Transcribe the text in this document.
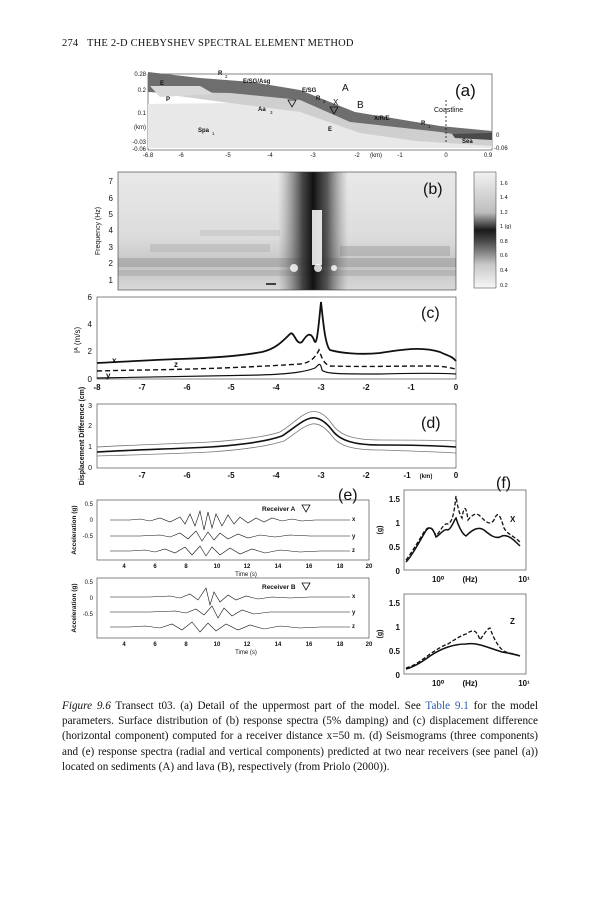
274 THE 2-D CHEBYSHEV SPECTRAL ELEMENT METHOD
E
P
R 2
E/SG/Asg
E/SG	A
R 2 X B
Aa 3
X/R/E
R 1
Coastline
E
Spa 1
Sea
(a)
0.28
0.2
0.1
(km)
-0.03
-0.06
-6.8	-6	-5	-4	-3	-2 (km)	-1	0	0.9
0
-0.06
(b)
7
6
5
4
3
2
1
Frequency (Hz)
1.6
1.4
1.2
1 (g)
0.8
0.6
0.4
0.2
x	z
y
(c)
6
4
2
0
-8	-7	-6	-5	-4	-3	-2	-1	0
Iᴬ (m/s)
(d)
3
2
1
0
-7	-6	-5	-4	-3	-2	-1 (km)	0
Displacement Difference (cm)
(e)
Receiver A
x
y
z
0.5
0
-0.5
4	6	8	10	12	14	16	18	20
Time (s)
Acceleration (g)
Receiver B
x
y
z
0.5
0
-0.5
4	6	8	10	12	14	16	18	20
Time (s)
Acceleration (g)
(f)
X
1.5
1
0.5
0
10⁰ (Hz)	10¹
(g)
Z
1.5
1
0.5
0
10⁰ (Hz)	10¹
(g)
Figure 9.6 Transect t03. (a) Detail of the uppermost part of the model. See Table 9.1 for the model parameters. Surface distribution of (b) response spectra (5% damping) and (c) displacement difference (horizontal component) computed for a receiver distance x=50 m. (d) Seismograms (three components) and (e) response spectra (radial and vertical components) predicted at two near receivers (see panel (a)) located on sediments (A) and lava (B), respectively (from Priolo (2000)).
